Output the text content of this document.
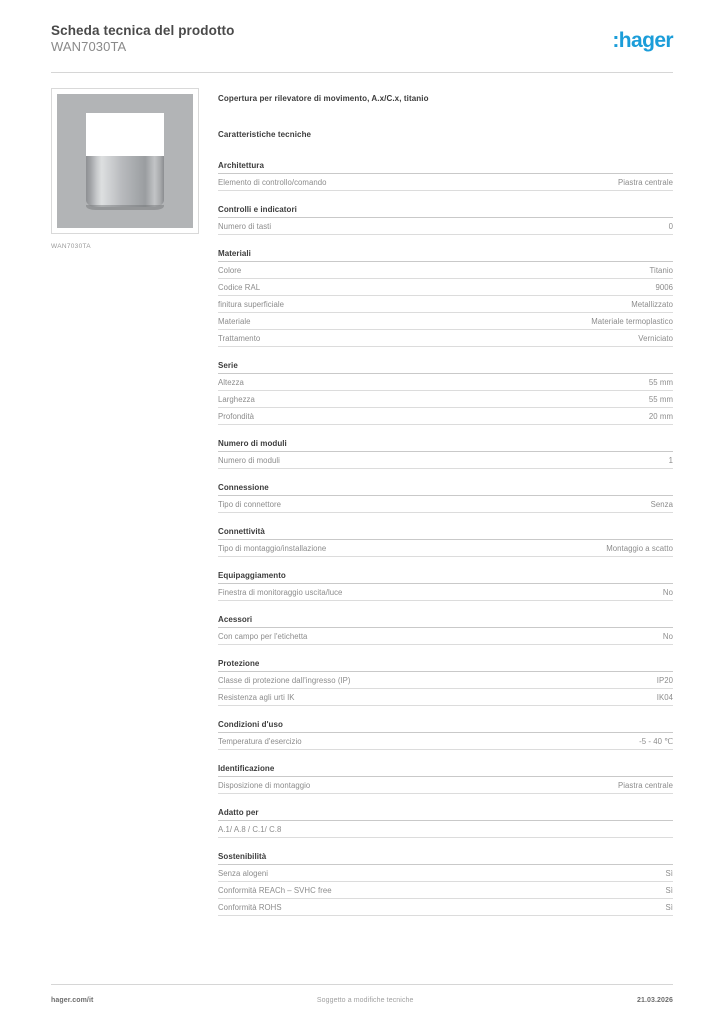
Scheda tecnica del prodotto
WAN7030TA	:hager
WAN7030TA
Copertura per rilevatore di movimento, A.x/C.x, titanio
Caratteristiche tecniche
Architettura
Elemento di controllo/comando	Piastra centrale
Controlli e indicatori
Numero di tasti	0
Materiali
Colore	Titanio
Codice RAL	9006
finitura superficiale	Metallizzato
Materiale	Materiale termoplastico
Trattamento	Verniciato
Serie
Altezza	55 mm
Larghezza	55 mm
Profondità	20 mm
Numero di moduli
Numero di moduli	1
Connessione
Tipo di connettore	Senza
Connettività
Tipo di montaggio/installazione	Montaggio a scatto
Equipaggiamento
Finestra di monitoraggio uscita/luce	No
Acessori
Con campo per l'etichetta	No
Protezione
Classe di protezione dall'ingresso (IP)	IP20
Resistenza agli urti IK	IK04
Condizioni d'uso
Temperatura d'esercizio	-5 - 40 ℃
Identificazione
Disposizione di montaggio	Piastra centrale
Adatto per
A.1/ A.8 / C.1/ C.8
Sostenibilità
Senza alogeni	Sì
Conformità REACh – SVHC free	Sì
Conformità ROHS	Sì
hager.com/it	Soggetto a modifiche tecniche	21.03.2026
